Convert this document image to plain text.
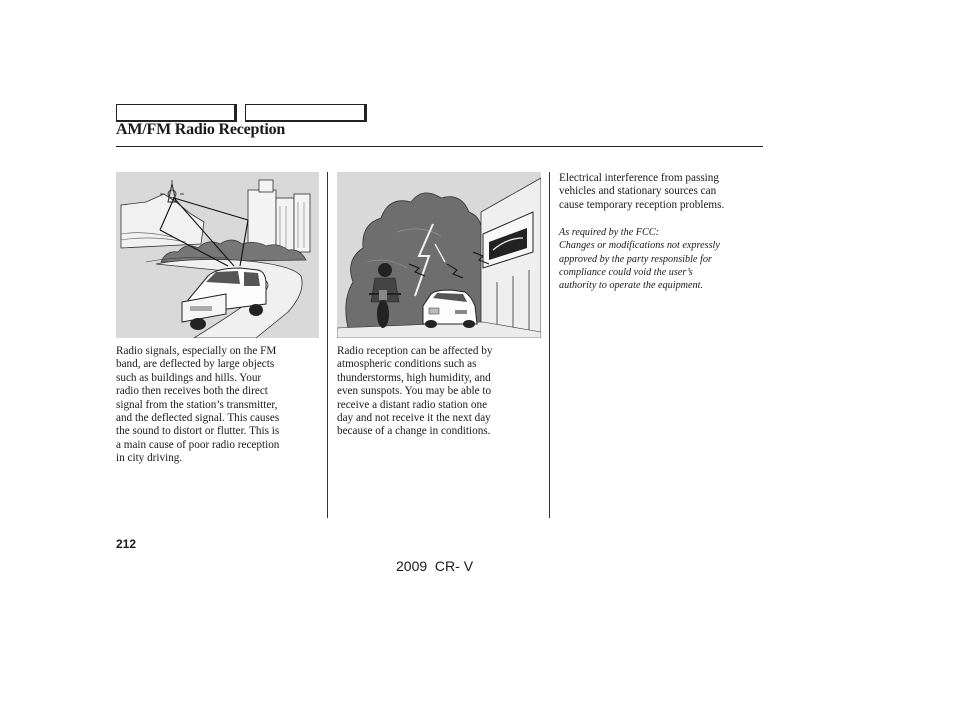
AM/FM Radio Reception

Radio signals, especially on the FM
band, are deflected by large objects
such as buildings and hills. Your
radio then receives both the direct
signal from the station’s transmitter,
and the deflected signal. This causes
the sound to distort or flutter. This is
a main cause of poor radio reception
in city driving.

Radio reception can be affected by
atmospheric conditions such as
thunderstorms, high humidity, and
even sunspots. You may be able to
receive a distant radio station one
day and not receive it the next day
because of a change in conditions.

Electrical interference from passing
vehicles and stationary sources can
cause temporary reception problems.

As required by the FCC:
Changes or modifications not expressly
approved by the party responsible for
compliance could void the user’s
authority to operate the equipment.

212
2009  CR- V
